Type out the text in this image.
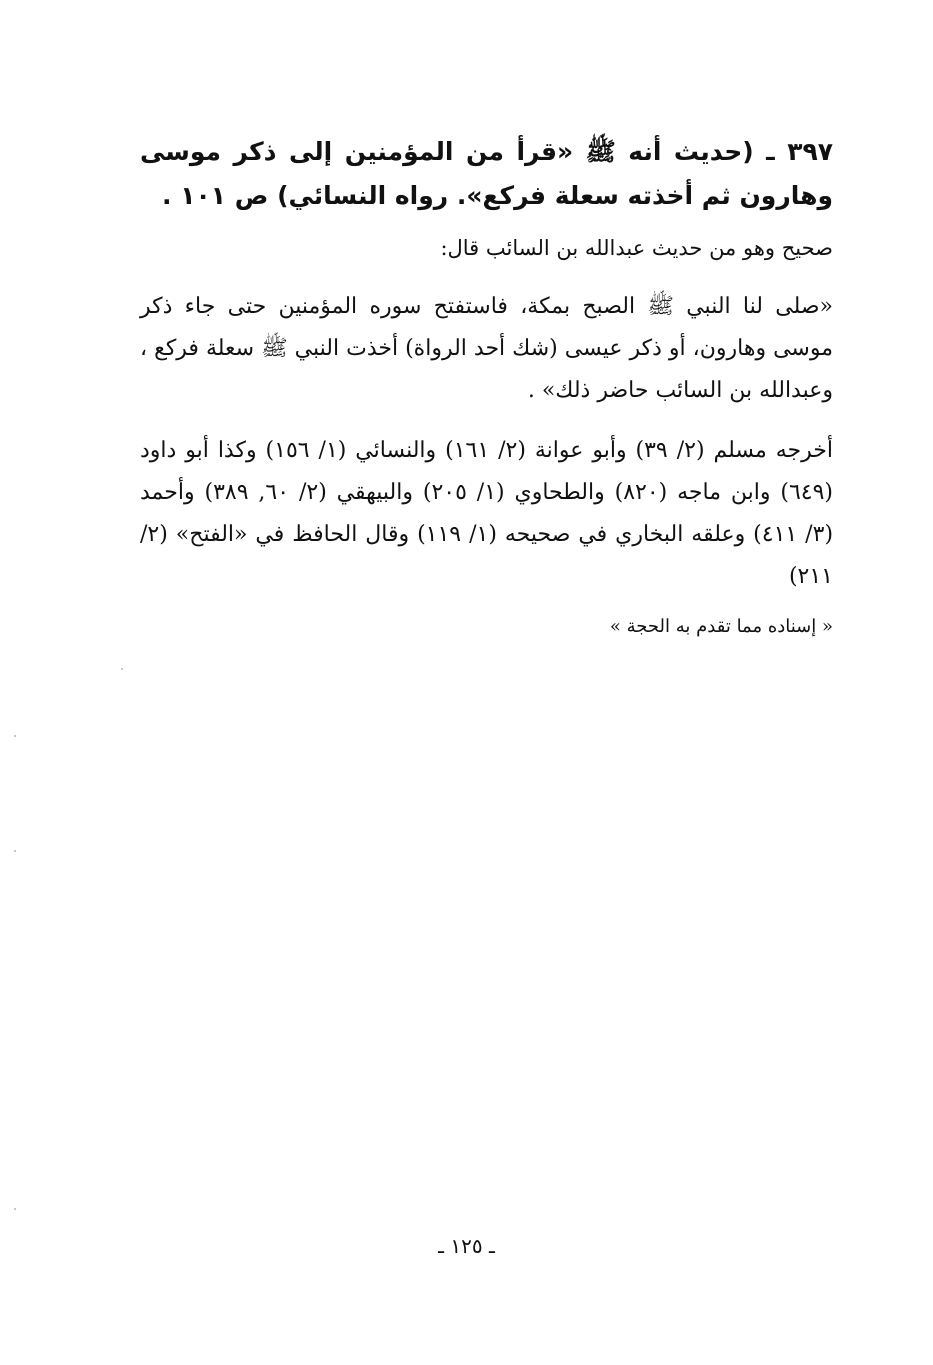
٣٩٧ ـ (حديث أنه ﷺ «قرأ من المؤمنين إلى ذكر موسى وهارون ثم أخذته سعلة فركع». رواه النسائي) ص ١٠١ .

صحيح وهو من حديث عبدالله بن السائب قال:

«صلى لنا النبي ﷺ الصبح بمكة، فاستفتح سوره المؤمنين حتى جاء ذكر موسى وهارون، أو ذكر عيسى (شك أحد الرواة) أخذت النبي ﷺ سعلة فركع ، وعبدالله بن السائب حاضر ذلك» .

أخرجه مسلم (٢/ ٣٩) وأبو عوانة (٢/ ١٦١) والنسائي (١/ ١٥٦) وكذا أبو داود (٦٤٩) وابن ماجه (٨٢٠) والطحاوي (١/ ٢٠٥) والبيهقي (٢/ ٦٠, ٣٨٩) وأحمد (٣/ ٤١١) وعلقه البخاري في صحيحه (١/ ١١٩) وقال الحافظ في «الفتح» (٢/ ٢١١)

« إسناده مما تقدم به الحجة »

ـ ١٢٥ ـ
